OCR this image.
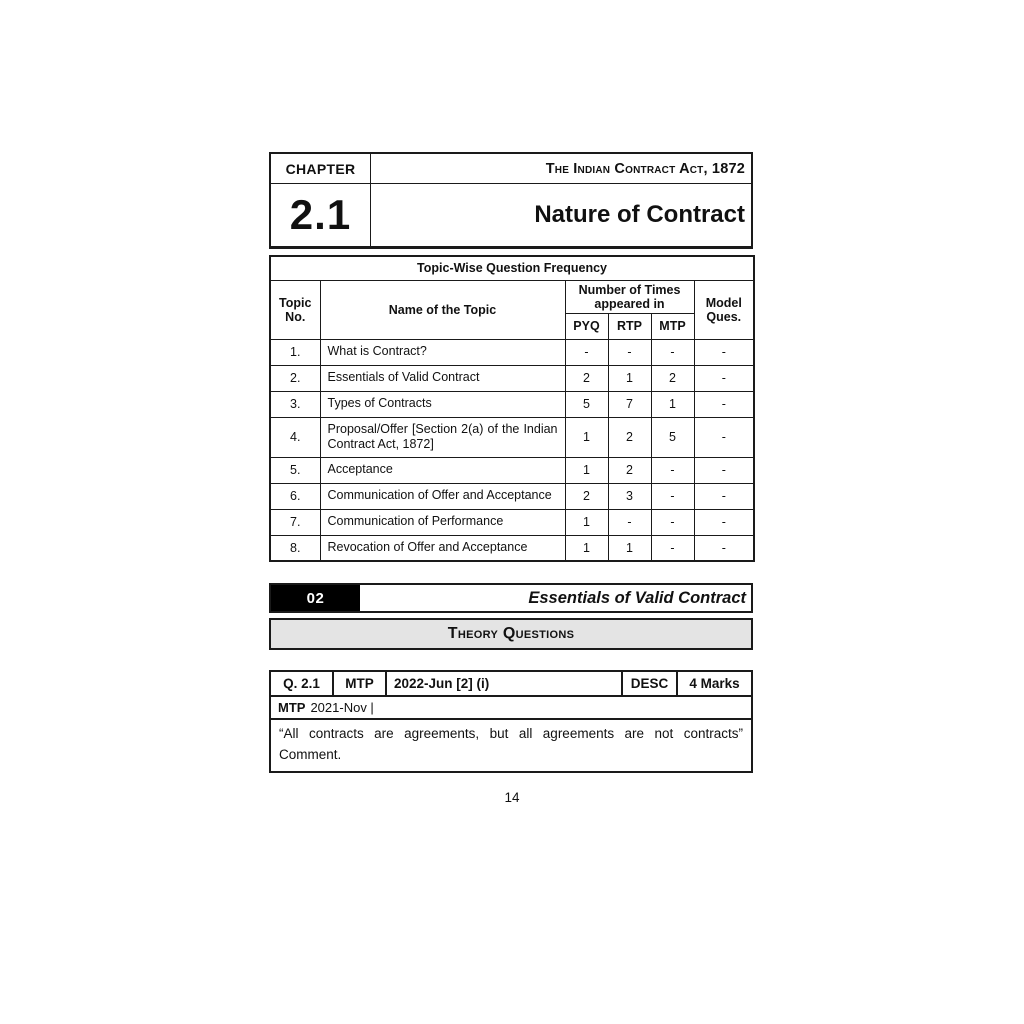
CHAPTER	The Indian Contract Act, 1872
2.1	Nature of Contract
Topic-Wise Question Frequency					
Topic No.	Name of the Topic	Number of Times appeared in			Model Ques.
		PYQ	RTP	MTP	
1.	What is Contract?	-	-	-	-
2.	Essentials of Valid Contract	2	1	2	-
3.	Types of Contracts	5	7	1	-
4.	Proposal/Offer [Section 2(a) of the Indian Contract Act, 1872]	1	2	5	-
5.	Acceptance	1	2	-	-
6.	Communication of Offer and Acceptance	2	3	-	-
7.	Communication of Performance	1	-	-	-
8.	Revocation of Offer and Acceptance	1	1	-	-
02	Essentials of Valid Contract
Theory Questions
Q. 2.1	MTP	2022-Jun [2] (i)	DESC	4 Marks
MTP 2021-Nov |
“All contracts are agreements, but all agreements are not contracts” Comment.
14
